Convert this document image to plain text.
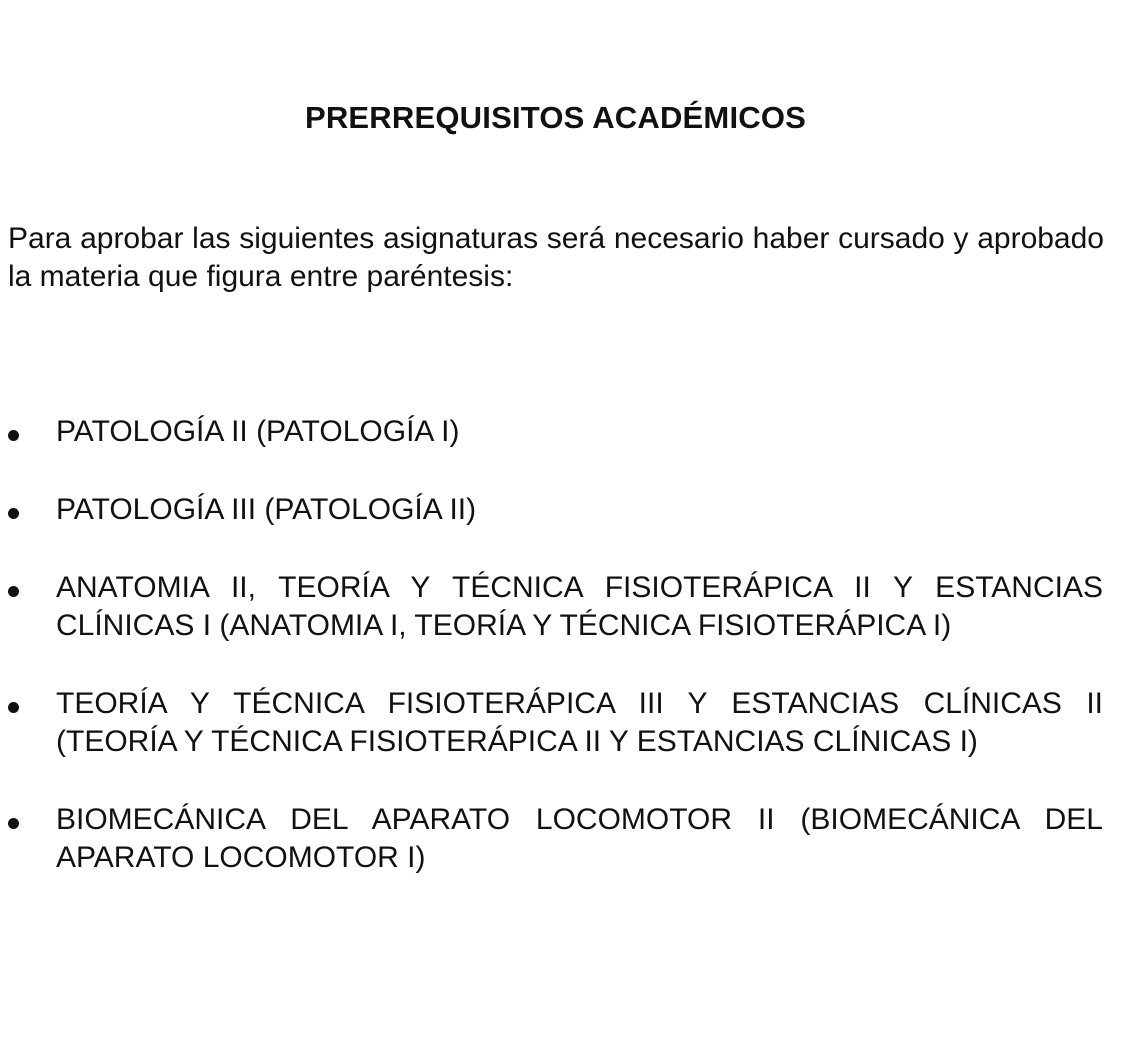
PRERREQUISITOS ACADÉMICOS

Para aprobar las siguientes asignaturas será necesario haber cursado y aprobado la materia que figura entre paréntesis:

PATOLOGÍA II (PATOLOGÍA I)
PATOLOGÍA III (PATOLOGÍA II)
ANATOMIA II, TEORÍA Y TÉCNICA FISIOTERÁPICA II Y ESTANCIAS CLÍNICAS I (ANATOMIA I, TEORÍA Y TÉCNICA FISIOTERÁPICA I)
TEORÍA Y TÉCNICA FISIOTERÁPICA III Y ESTANCIAS CLÍNICAS II (TEORÍA Y TÉCNICA FISIOTERÁPICA II Y ESTANCIAS CLÍNICAS I)
BIOMECÁNICA DEL APARATO LOCOMOTOR II (BIOMECÁNICA DEL APARATO LOCOMOTOR I)
